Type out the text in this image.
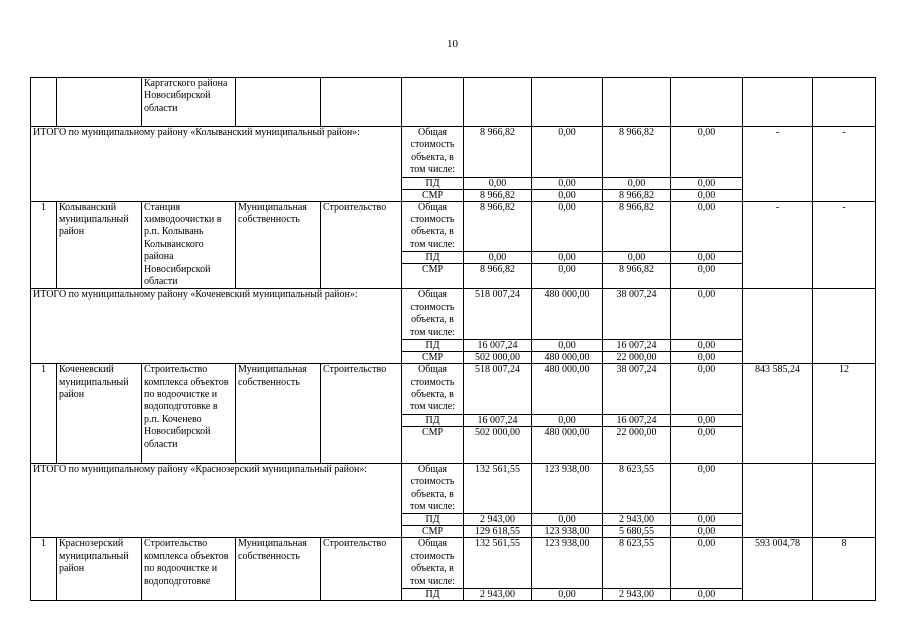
10
		Каргатского района Новосибирской области									
ИТОГО по муниципальному району «Колыванский муниципальный район»:					Общая стоимость объекта, в том числе:	8 966,82	0,00	8 966,82	0,00	-	-
					ПД	0,00	0,00	0,00	0,00		
					СМР	8 966,82	0,00	8 966,82	0,00		
1	Колыванский муниципальный район	Станция химводоочистки в р.п. Колывань Колыванского района Новосибирской области	Муниципальная собственность	Строительство	Общая стоимость объекта, в том числе:	8 966,82	0,00	8 966,82	0,00	-	-
					ПД	0,00	0,00	0,00	0,00		
					СМР	8 966,82	0,00	8 966,82	0,00		
ИТОГО по муниципальному району «Коченевский муниципальный район»:					Общая стоимость объекта, в том числе:	518 007,24	480 000,00	38 007,24	0,00		
					ПД	16 007,24	0,00	16 007,24	0,00		
					СМР	502 000,00	480 000,00	22 000,00	0,00		
1	Коченевский муниципальный район	Строительство комплекса объектов по водоочистке и водоподготовке в р.п. Коченево Новосибирской области	Муниципальная собственность	Строительство	Общая стоимость объекта, в том числе:	518 007,24	480 000,00	38 007,24	0,00	843 585,24	12
					ПД	16 007,24	0,00	16 007,24	0,00		
					СМР	502 000,00	480 000,00	22 000,00	0,00		
ИТОГО по муниципальному району «Краснозерский муниципальный район»:					Общая стоимость объекта, в том числе:	132 561,55	123 938,00	8 623,55	0,00		
					ПД	2 943,00	0,00	2 943,00	0,00		
					СМР	129 618,55	123 938,00	5 680,55	0,00		
1	Краснозерский муниципальный район	Строительство комплекса объектов по водоочистке и водоподготовке	Муниципальная собственность	Строительство	Общая стоимость объекта, в том числе:	132 561,55	123 938,00	8 623,55	0,00	593 004,78	8
					ПД	2 943,00	0,00	2 943,00	0,00		
